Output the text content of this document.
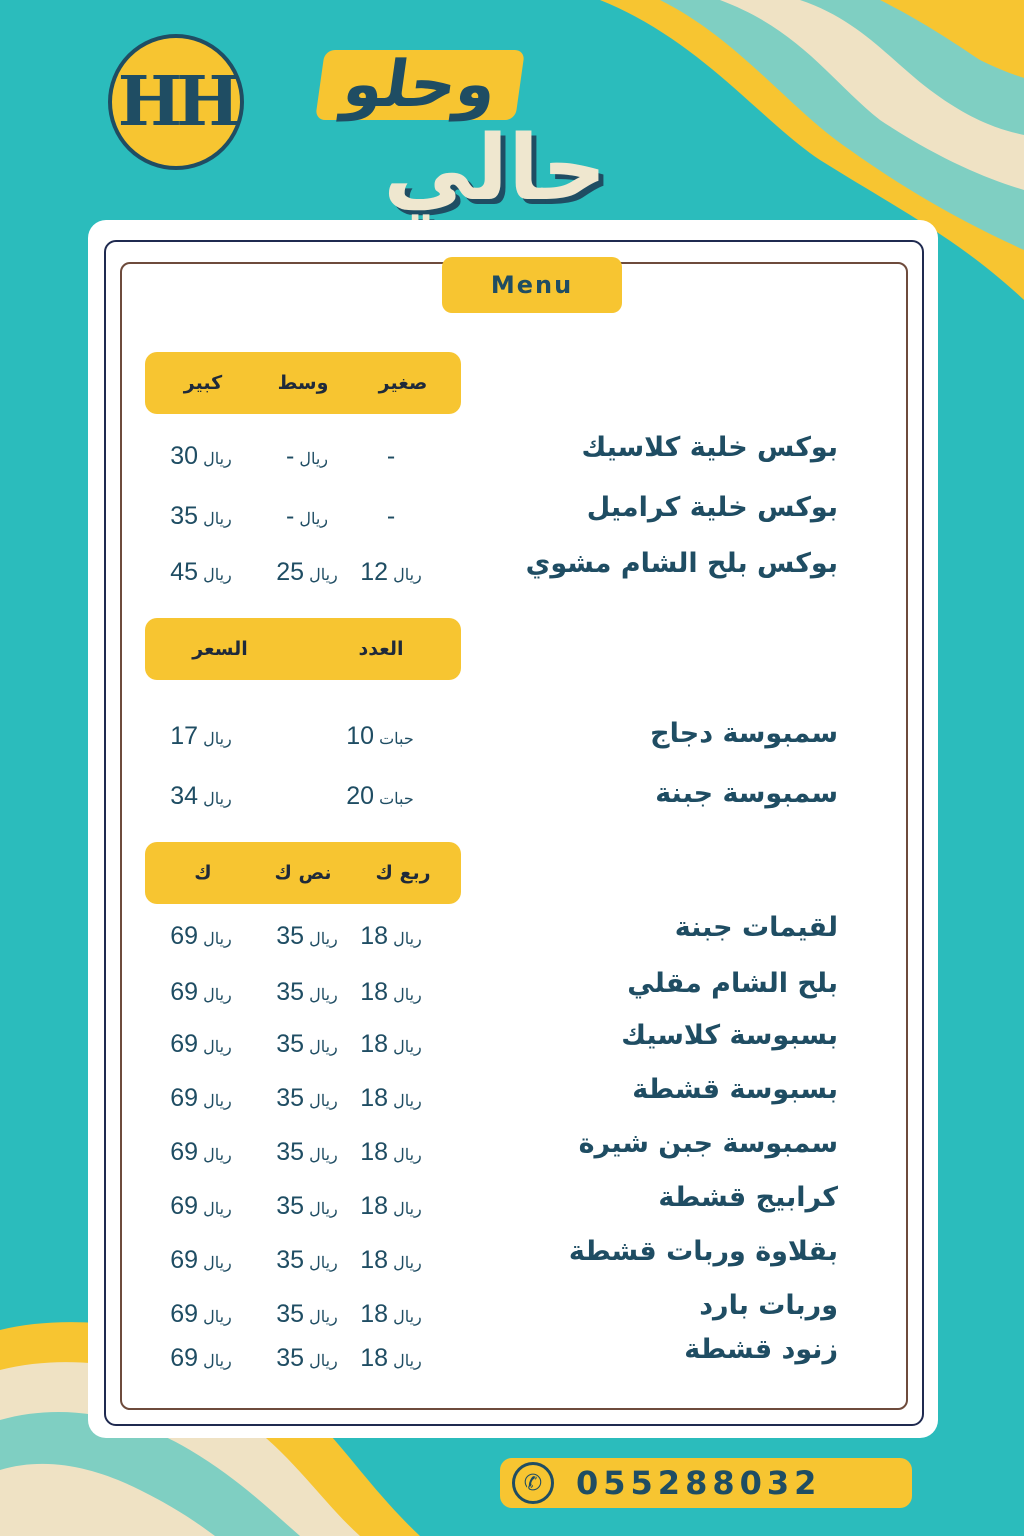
HH	وحلو
حالي
Menu
صغير
وسط
كبير
بوكس خلية كلاسيك
-
- ريال
30 ريال
بوكس خلية كراميل
-
- ريال
35 ريال
بوكس بلح الشام مشوي
12 ريال
25 ريال
45 ريال
العدد
السعر
سمبوسة دجاج
10 حبات
17 ريال
سمبوسة جبنة
20 حبات
34 ريال
ربع ك
نص ك
ك
لقيمات جبنة
18 ريال
35 ريال
69 ريال
بلح الشام مقلي
18 ريال
35 ريال
69 ريال
بسبوسة كلاسيك
18 ريال
35 ريال
69 ريال
بسبوسة قشطة
18 ريال
35 ريال
69 ريال
سمبوسة جبن شيرة
18 ريال
35 ريال
69 ريال
كرابيج قشطة
18 ريال
35 ريال
69 ريال
بقلاوة وربات قشطة
18 ريال
35 ريال
69 ريال
وربات بارد
18 ريال
35 ريال
69 ريال
زنود قشطة
18 ريال
35 ريال
69 ريال
✆	055288032
